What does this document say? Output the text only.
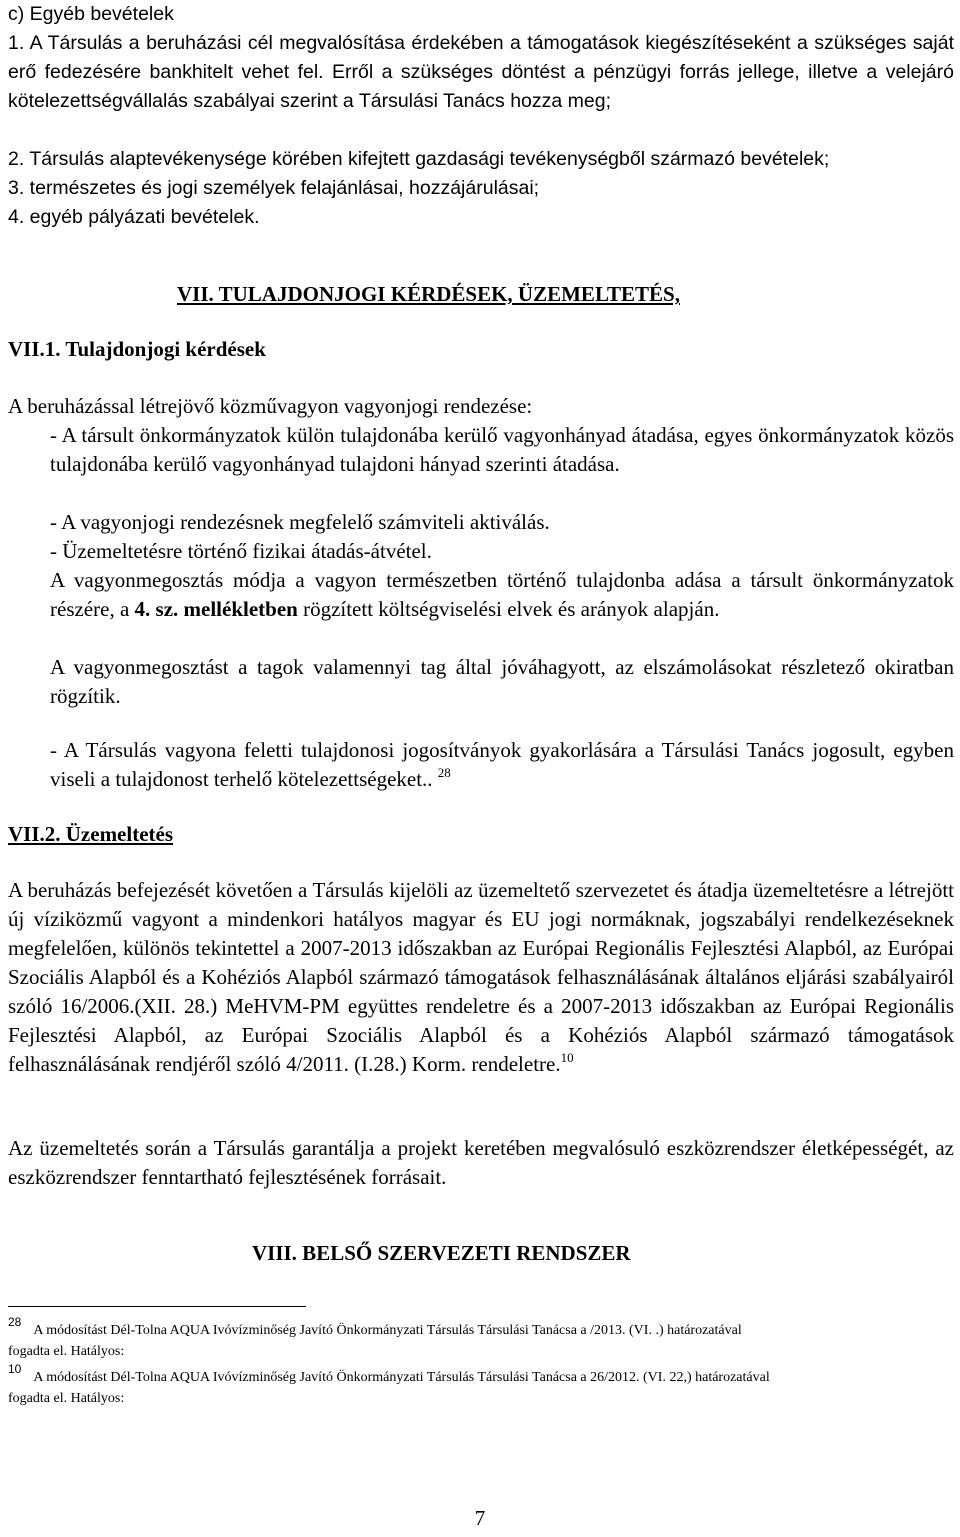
c) Egyéb bevételek

1. A Társulás a beruházási cél megvalósítása érdekében a támogatások kiegészítéseként a szükséges saját erő fedezésére bankhitelt vehet fel. Erről a szükséges döntést a pénzügyi forrás jellege, illetve a velejáró kötelezettségvállalás szabályai szerint a Társulási Tanács hozza meg;

2. Társulás alaptevékenysége körében kifejtett gazdasági tevékenységből származó bevételek;

3. természetes és jogi személyek felajánlásai, hozzájárulásai;

4. egyéb pályázati bevételek.

VII. TULAJDONJOGI KÉRDÉSEK, ÜZEMELTETÉS,

VII.1. Tulajdonjogi kérdések

A beruházással létrejövő közművagyon vagyonjogi rendezése:

- A társult önkormányzatok külön tulajdonába kerülő vagyonhányad átadása, egyes önkormányzatok közös tulajdonába kerülő vagyonhányad tulajdoni hányad szerinti átadása.

- A vagyonjogi rendezésnek megfelelő számviteli aktiválás.

- Üzemeltetésre történő fizikai átadás-átvétel.

A vagyonmegosztás módja a vagyon természetben történő tulajdonba adása a társult önkormányzatok részére, a 4. sz. mellékletben rögzített költségviselési elvek és arányok alapján.

A vagyonmegosztást a tagok valamennyi tag által jóváhagyott, az elszámolásokat részletező okiratban rögzítik.

- A Társulás vagyona feletti tulajdonosi jogosítványok gyakorlására a Társulási Tanács jogosult, egyben viseli a tulajdonost terhelő kötelezettségeket.. $^{28}$

VII.2. Üzemeltetés

A beruházás befejezését követően a Társulás kijelöli az üzemeltető szervezetet és átadja üzemeltetésre a létrejött új víziközmű vagyont a mindenkori hatályos magyar és EU jogi normáknak, jogszabályi rendelkezéseknek megfelelően, különös tekintettel a 2007-2013 időszakban az Európai Regionális Fejlesztési Alapból, az Európai Szociális Alapból és a Kohéziós Alapból származó támogatások felhasználásának általános eljárási szabályairól szóló 16/2006.(XII. 28.) MeHVM-PM együttes rendeletre és a 2007-2013 időszakban az Európai Regionális Fejlesztési Alapból, az Európai Szociális Alapból és a Kohéziós Alapból származó támogatások felhasználásának rendjéről szóló 4/2011. (I.28.) Korm. rendeletre.$^{10}$

Az üzemeltetés során a Társulás garantálja a projekt keretében megvalósuló eszközrendszer életképességét, az eszközrendszer fenntartható fejlesztésének forrásait.

VIII. BELSŐ SZERVEZETI RENDSZER

28A módosítást Dél-Tolna AQUA Ivóvízminőség Javító Önkormányzati Társulás Társulási Tanácsa a /2013. (VI. .) határozatával

fogadta el. Hatályos:

10A módosítást Dél-Tolna AQUA Ivóvízminőség Javító Önkormányzati Társulás Társulási Tanácsa a 26/2012. (VI. 22,) határozatával

fogadta el. Hatályos:

7
